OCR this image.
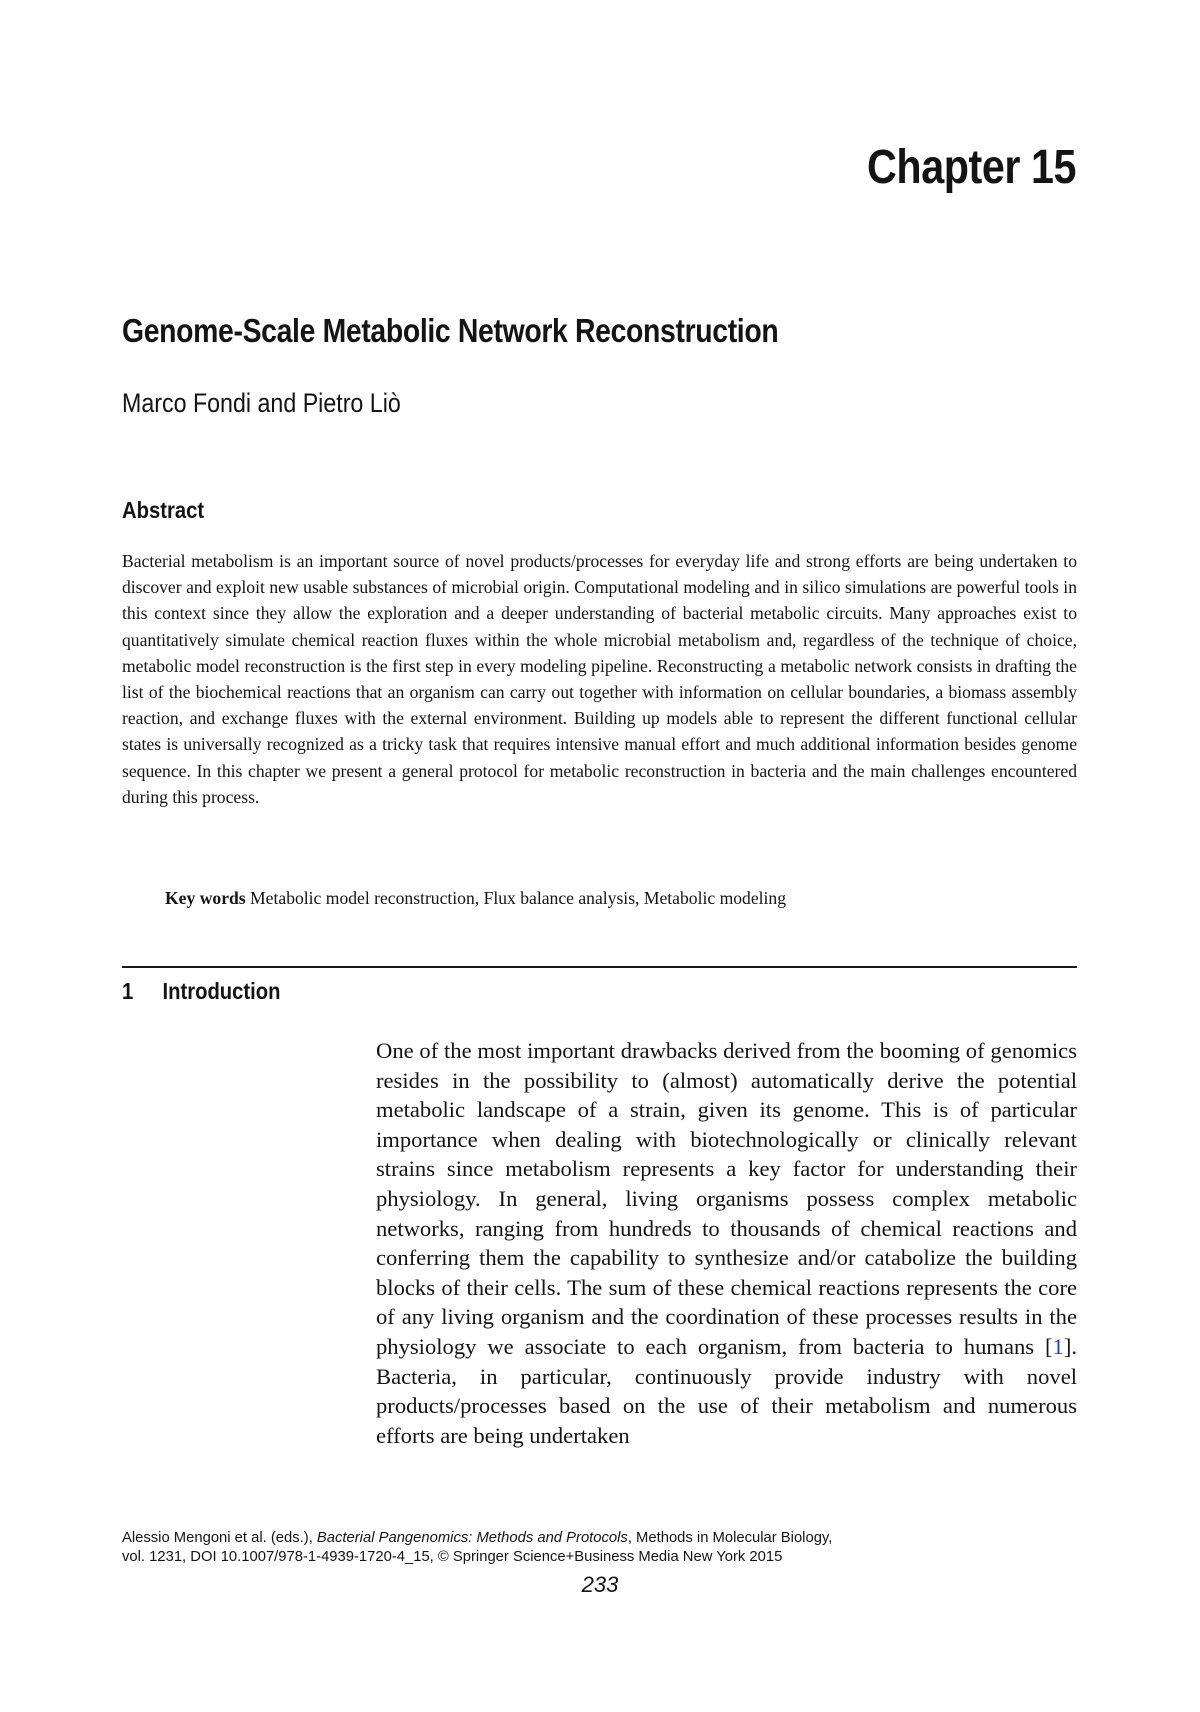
Chapter 15
Genome-Scale Metabolic Network Reconstruction
Marco Fondi and Pietro Liò
Abstract

Bacterial metabolism is an important source of novel products/processes for everyday life and strong efforts are being undertaken to discover and exploit new usable substances of microbial origin. Computational modeling and in silico simulations are powerful tools in this context since they allow the exploration and a deeper understanding of bacterial metabolic circuits. Many approaches exist to quantitatively simulate chemical reaction fluxes within the whole microbial metabolism and, regardless of the technique of choice, metabolic model reconstruction is the first step in every modeling pipeline. Reconstructing a metabolic network consists in drafting the list of the biochemical reactions that an organism can carry out together with information on cellular boundaries, a biomass assembly reaction, and exchange fluxes with the external environment. Building up models able to represent the different functional cellular states is universally recognized as a tricky task that requires intensive manual effort and much additional information besides genome sequence. In this chapter we present a general protocol for metabolic reconstruction in bacteria and the main challenges encountered during this process.

Key words Metabolic model reconstruction, Flux balance analysis, Metabolic modeling
1 Introduction

One of the most important drawbacks derived from the booming of genomics resides in the possibility to (almost) automatically derive the potential metabolic landscape of a strain, given its genome. This is of particular importance when dealing with biotechnologically or clinically relevant strains since metabolism represents a key factor for understanding their physiology. In general, living organisms possess complex metabolic networks, ranging from hundreds to thousands of chemical reactions and conferring them the capability to synthesize and/or catabolize the building blocks of their cells. The sum of these chemical reactions represents the core of any living organism and the coordination of these processes results in the physiology we associate to each organism, from bacteria to humans [1]. Bacteria, in particular, continuously provide industry with novel products/processes based on the use of their metabolism and numerous efforts are being undertaken

Alessio Mengoni et al. (eds.), Bacterial Pangenomics: Methods and Protocols, Methods in Molecular Biology,
vol. 1231, DOI 10.1007/978-1-4939-1720-4_15, © Springer Science+Business Media New York 2015
233
